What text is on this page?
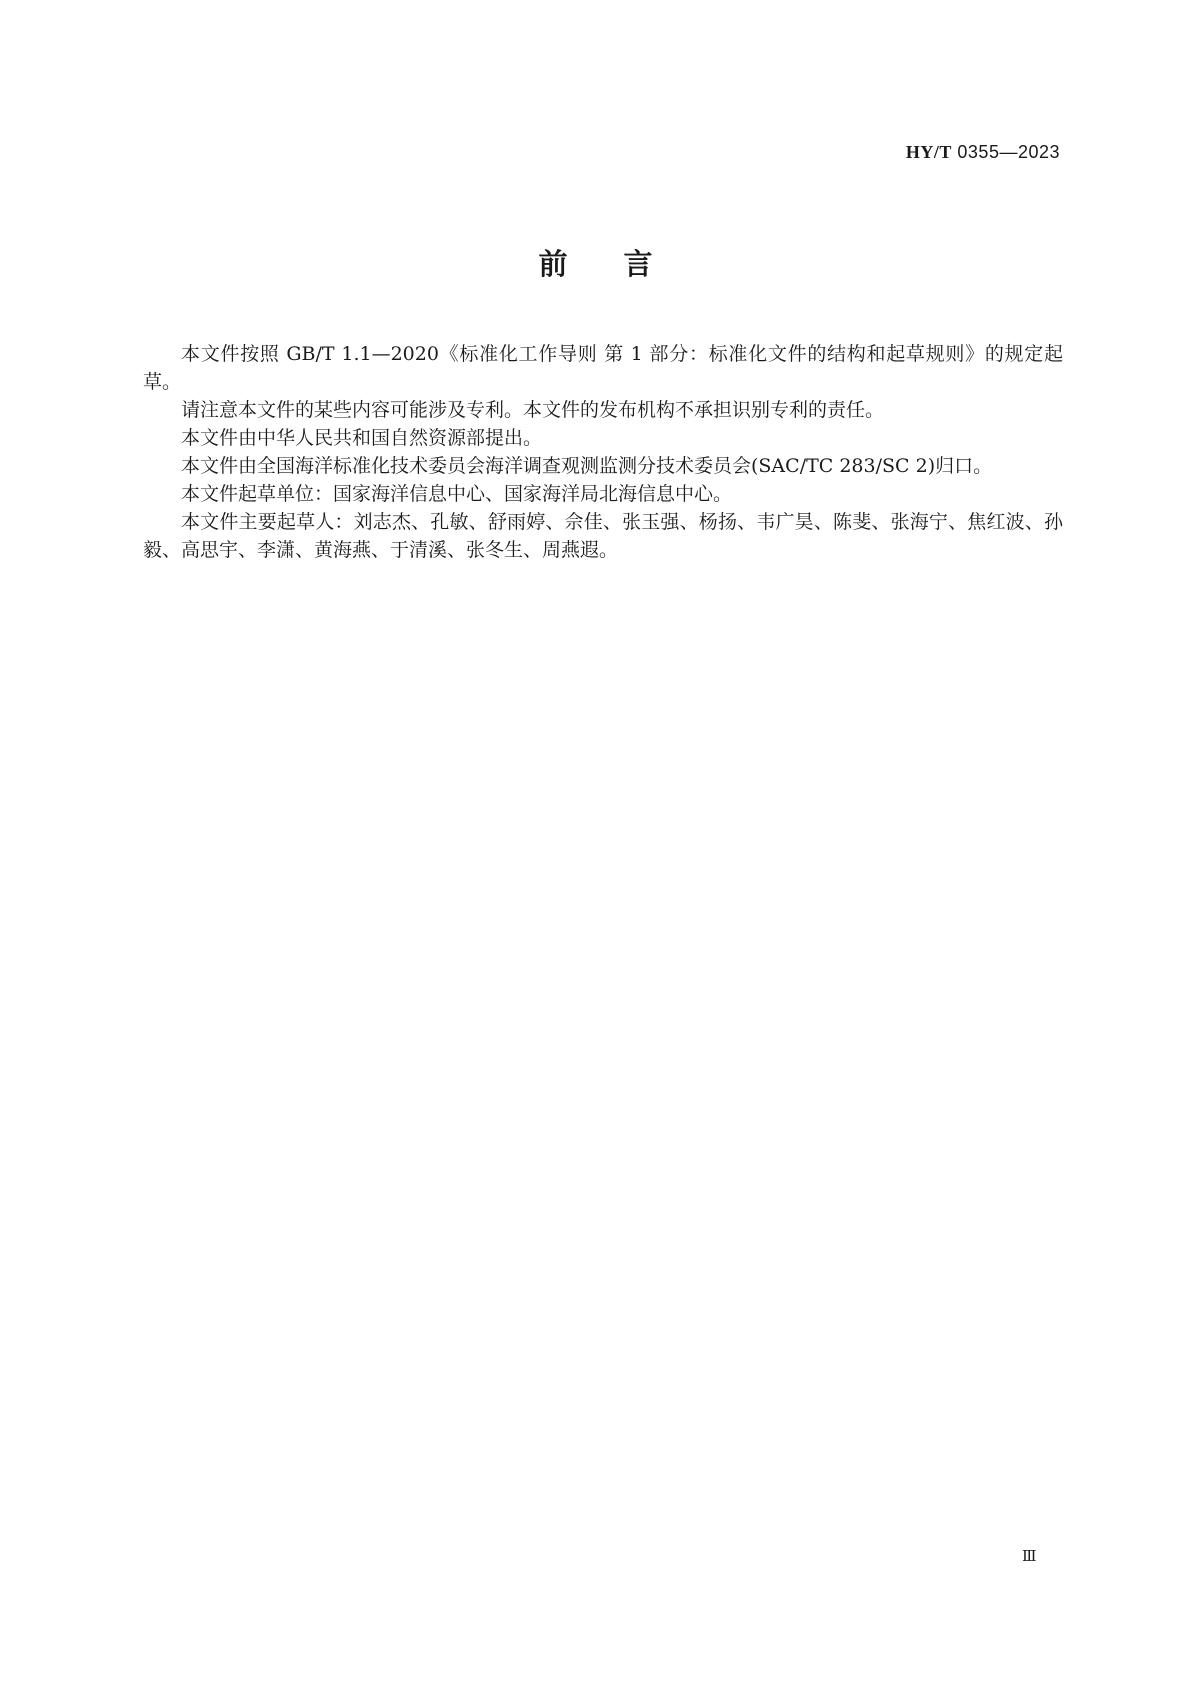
HY/T 0355—2023
前言

本文件按照 GB/T 1.1—2020《标准化工作导则 第 1 部分：标准化文件的结构和起草规则》的规定起草。

请注意本文件的某些内容可能涉及专利。本文件的发布机构不承担识别专利的责任。

本文件由中华人民共和国自然资源部提出。

本文件由全国海洋标准化技术委员会海洋调查观测监测分技术委员会(SAC/TC 283/SC 2)归口。

本文件起草单位：国家海洋信息中心、国家海洋局北海信息中心。

本文件主要起草人：刘志杰、孔敏、舒雨婷、佘佳、张玉强、杨扬、韦广昊、陈斐、张海宁、焦红波、孙毅、高思宇、李潇、黄海燕、于清溪、张冬生、周燕遐。

Ⅲ
